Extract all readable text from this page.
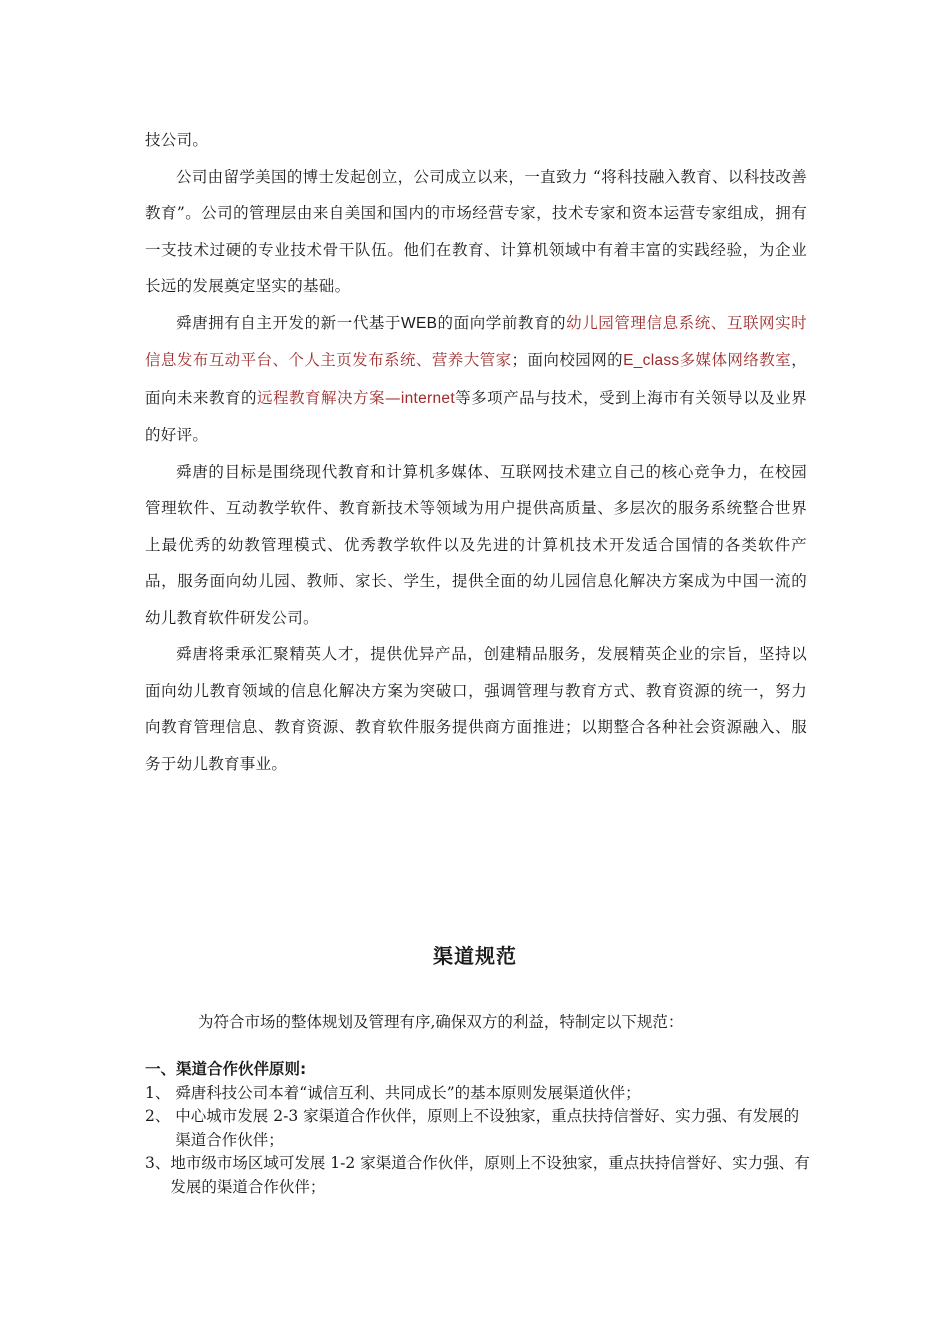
技公司。

公司由留学美国的博士发起创立，公司成立以来，一直致力 “将科技融入教育、以科技改善教育”。公司的管理层由来自美国和国内的市场经营专家，技术专家和资本运营专家组成，拥有一支技术过硬的专业技术骨干队伍。他们在教育、计算机领域中有着丰富的实践经验，为企业长远的发展奠定坚实的基础。

舜唐拥有自主开发的新一代基于WEB的面向学前教育的幼儿园管理信息系统、互联网实时信息发布互动平台、个人主页发布系统、营养大管家；面向校园网的E_class多媒体网络教室，面向未来教育的远程教育解决方案—internet等多项产品与技术，受到上海市有关领导以及业界的好评。

舜唐的目标是围绕现代教育和计算机多媒体、互联网技术建立自己的核心竞争力，在校园管理软件、互动教学软件、教育新技术等领域为用户提供高质量、多层次的服务系统整合世界上最优秀的幼教管理模式、优秀教学软件以及先进的计算机技术开发适合国情的各类软件产品，服务面向幼儿园、教师、家长、学生，提供全面的幼儿园信息化解决方案成为中国一流的幼儿教育软件研发公司。

舜唐将秉承汇聚精英人才，提供优异产品，创建精品服务，发展精英企业的宗旨，坚持以面向幼儿教育领域的信息化解决方案为突破口，强调管理与教育方式、教育资源的统一，努力向教育管理信息、教育资源、教育软件服务提供商方面推进；以期整合各种社会资源融入、服务于幼儿教育事业。

渠道规范
为符合市场的整体规划及管理有序,确保双方的利益，特制定以下规范：
一、渠道合作伙伴原则:
1、 舜唐科技公司本着“诚信互利、共同成长”的基本原则发展渠道伙伴；
2、 中心城市发展 2-3 家渠道合作伙伴，原则上不设独家，重点扶持信誉好、实力强、有发展的渠道合作伙伴；
3、 地市级市场区域可发展 1-2 家渠道合作伙伴，原则上不设独家，重点扶持信誉好、实力强、有发展的渠道合作伙伴；
